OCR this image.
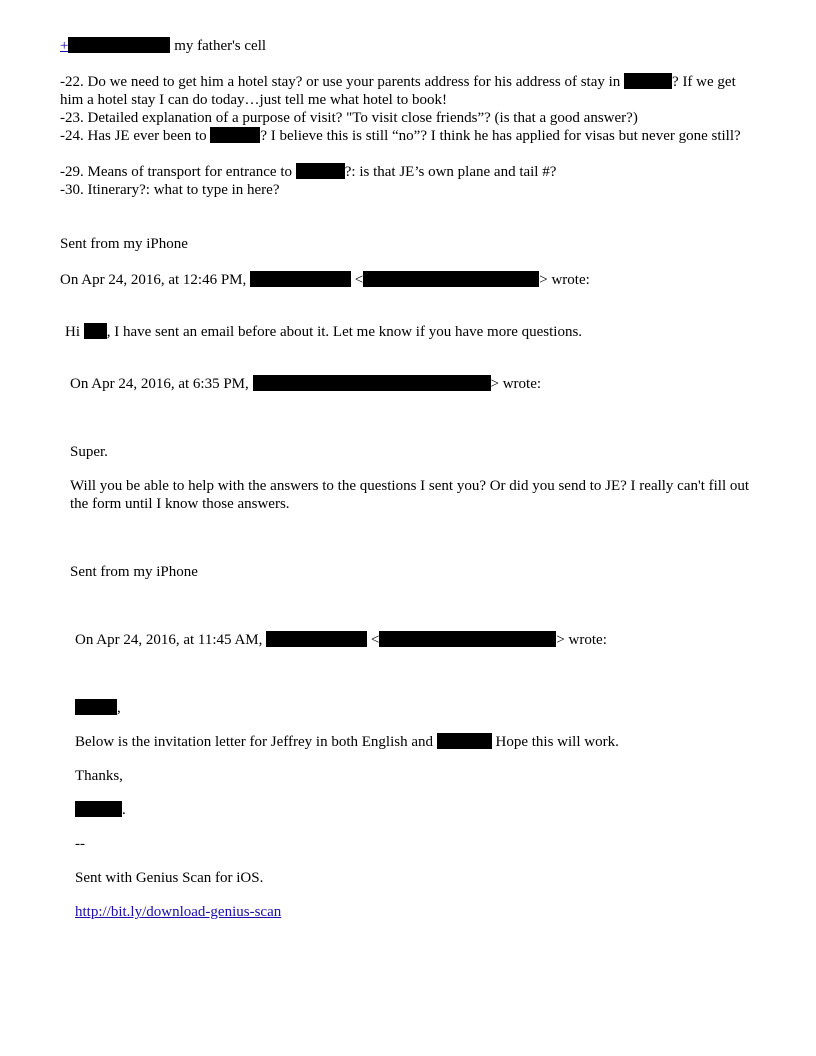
+	my father's cell
-22. Do we need to get him a hotel stay? or use your parents address for his address of stay in	? If we get him a hotel stay I can do today…just tell me what hotel to book!
-23. Detailed explanation of a purpose of visit? "To visit close friends”? (is that a good answer?)
-24. Has JE ever been to	? I believe this is still “no”? I think he has applied for visas but never gone still?
-29. Means of transport for entrance to	?: is that JE’s own plane and tail #?
-30. Itinerary?: what to type in here?
Sent from my iPhone
On Apr 24, 2016, at 12:46 PM,	<	> wrote:
Hi , I have sent an email before about it. Let me know if you have more questions.
On Apr 24, 2016, at 6:35 PM,	> wrote:
Super.
Will you be able to help with the answers to the questions I sent you? Or did you send to JE? I really can't fill out the form until I know those answers.
Sent from my iPhone
On Apr 24, 2016, at 11:45 AM,	<	> wrote:
,
Below is the invitation letter for Jeffrey in both English and	Hope this will work.
Thanks,
.
--
Sent with Genius Scan for iOS.
http://bit.ly/download-genius-scan
